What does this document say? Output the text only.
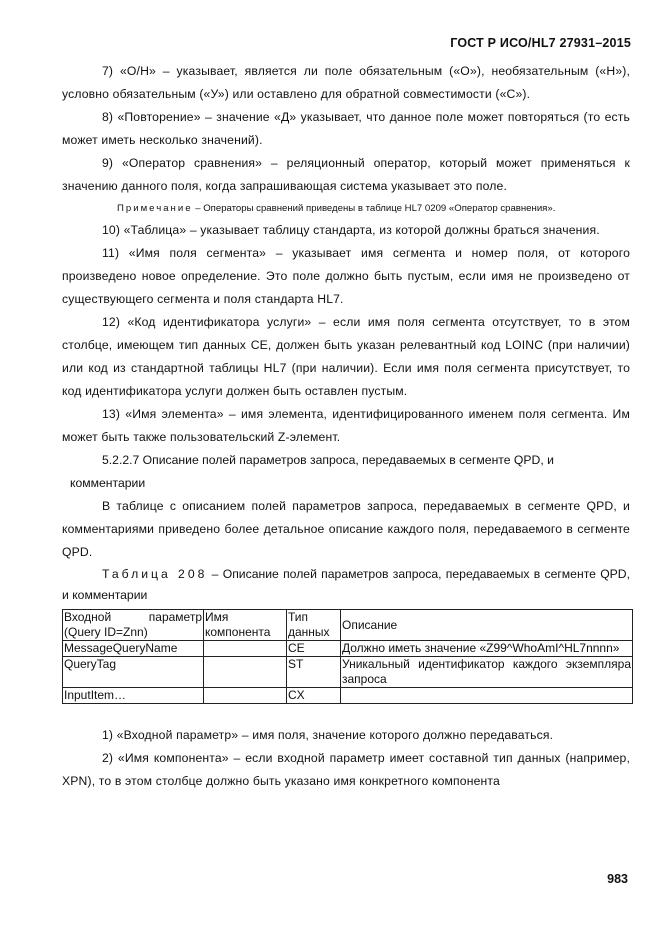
ГОСТ Р ИСО/HL7 27931–2015

7) «О/Н» – указывает, является ли поле обязательным («О»), необязательным («Н»), условно обязательным («У») или оставлено для обратной совместимости («С»).

8) «Повторение» – значение «Д» указывает, что данное поле может повторяться (то есть может иметь несколько значений).

9) «Оператор сравнения» – реляционный оператор, который может применяться к значению данного поля, когда запрашивающая система указывает это поле.

Примечание – Операторы сравнений приведены в таблице HL7 0209 «Оператор сравнения».

10) «Таблица» – указывает таблицу стандарта, из которой должны браться значения.

11) «Имя поля сегмента» – указывает имя сегмента и номер поля, от которого произведено новое определение. Это поле должно быть пустым, если имя не произведено от существующего сегмента и поля стандарта HL7.

12) «Код идентификатора услуги» – если имя поля сегмента отсутствует, то в этом столбце, имеющем тип данных CE, должен быть указан релевантный код LOINC (при наличии) или код из стандартной таблицы HL7 (при наличии). Если имя поля сегмента присутствует, то код идентификатора услуги должен быть оставлен пустым.

13) «Имя элемента» – имя элемента, идентифицированного именем поля сегмента. Им может быть также пользовательский Z-элемент.

5.2.2.7 Описание полей параметров запроса, передаваемых в сегменте QPD, и
комментарии

В таблице с описанием полей параметров запроса, передаваемых в сегменте QPD, и комментариями приведено более детальное описание каждого поля, передаваемого в сегменте QPD.

Таблица 208 – Описание полей параметров запроса, передаваемых в сегменте QPD, и комментарии

Входной параметр (Query ID=Znn)	Имя компонента	Тип данных	Описание
MessageQueryName		CE	Должно иметь значение «Z99^WhoAmI^HL7nnnn»
QueryTag		ST	Уникальный идентификатор каждого экземпляра запроса
InputItem…		CX	

1) «Входной параметр» – имя поля, значение которого должно передаваться.

2) «Имя компонента» – если входной параметр имеет составной тип данных (например, XPN), то в этом столбце должно быть указано имя конкретного компонента

983
